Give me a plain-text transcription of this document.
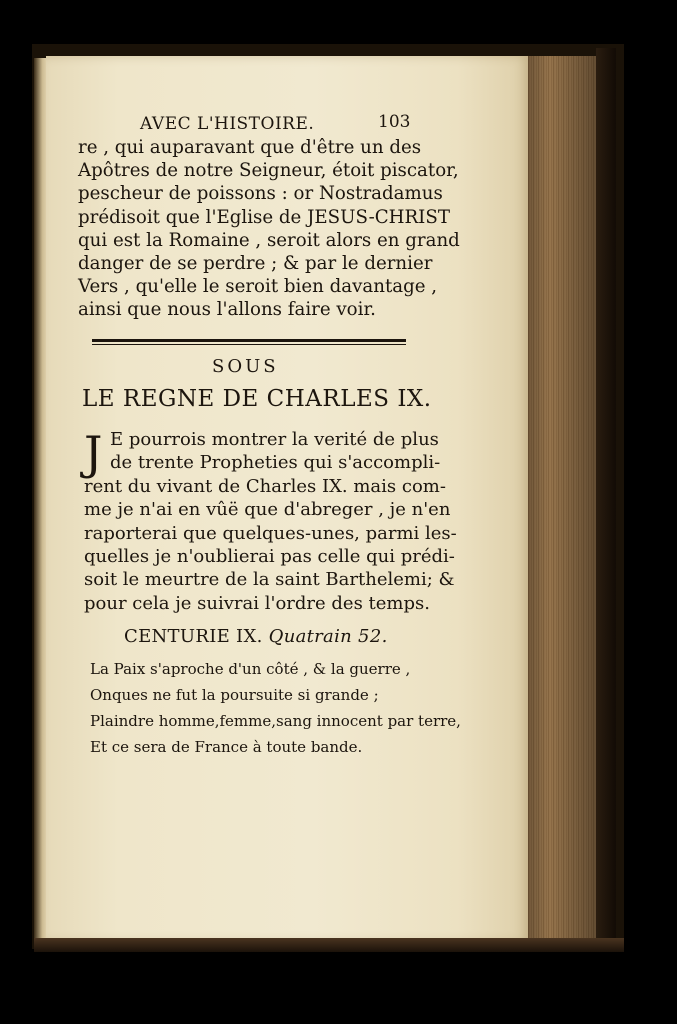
AVEC L'HISTOIRE.	103
re , qui auparavant que d'être un des
Apôtres de notre Seigneur, étoit piscator,
pescheur de poissons : or Nostradamus
prédisoit que l'Eglise de JESUS-CHRIST
qui est la Romaine , seroit alors en grand
danger de se perdre ; & par le dernier
Vers , qu'elle le seroit bien davantage ,
ainsi que nous l'allons faire voir.
SOUS
LE REGNE DE CHARLES IX.
J E pourrois montrer la verité de plus
de trente Propheties qui s'accompli-
rent du vivant de Charles IX. mais com-
me je n'ai en vûë que d'abreger , je n'en
raporterai que quelques-unes, parmi les-
quelles je n'oublierai pas celle qui prédi-
soit le meurtre de la saint Barthelemi; &
pour cela je suivrai l'ordre des temps.
CENTURIE IX. Quatrain 52.
La Paix s'aproche d'un côté , & la guerre ,
Onques ne fut la poursuite si grande ;
Plaindre homme,femme,sang innocent par terre,
Et ce sera de France à toute bande.
